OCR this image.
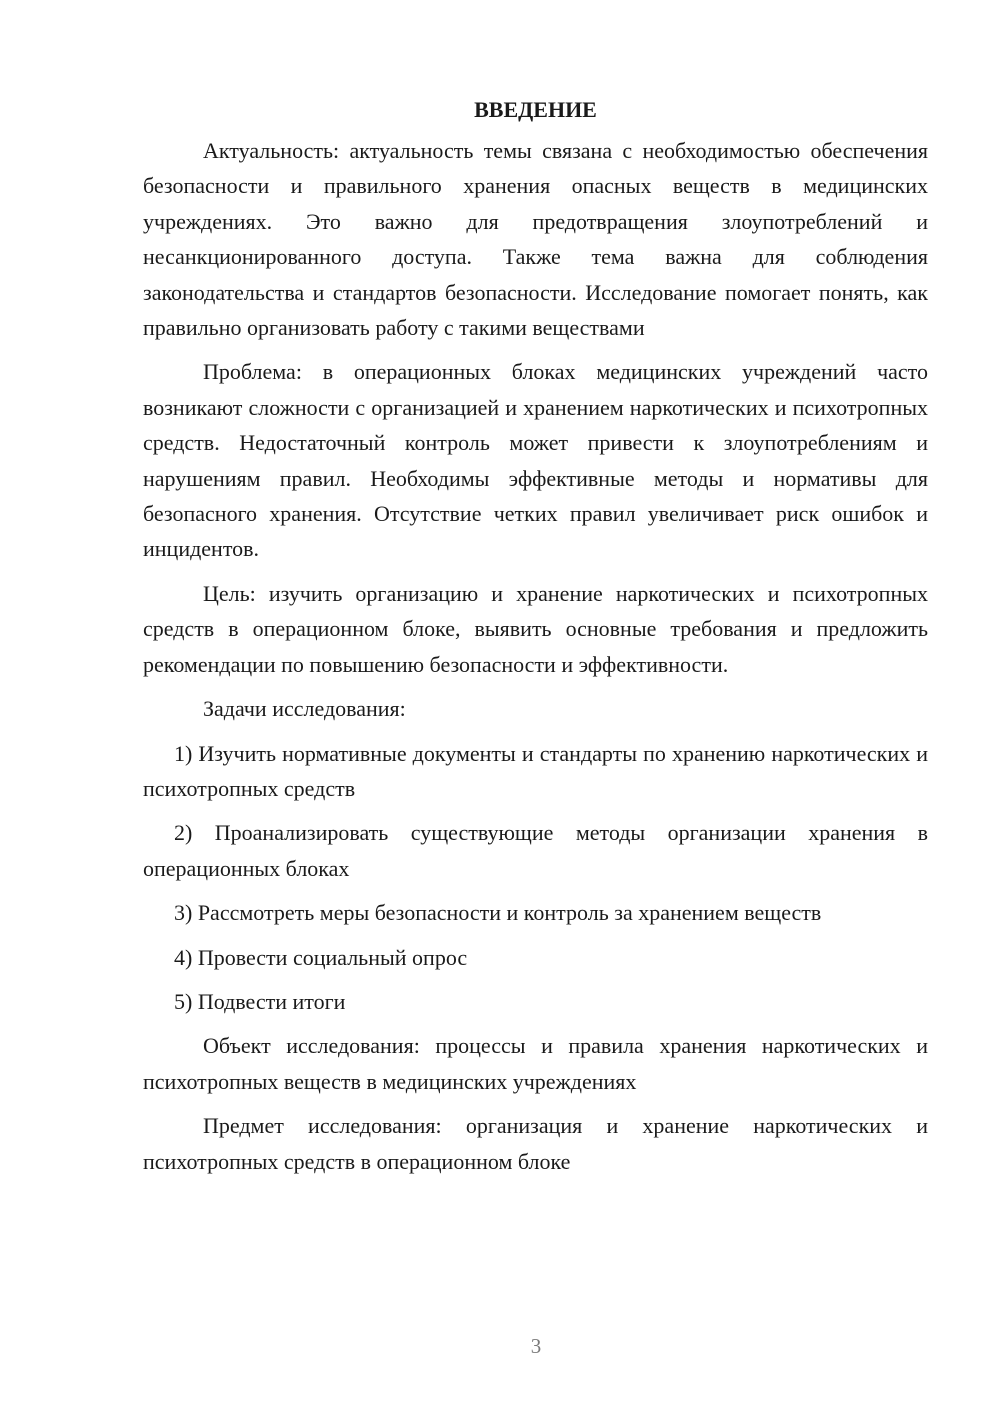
ВВЕДЕНИЕ

Актуальность: актуальность темы связана с необходимостью обеспечения безопасности и правильного хранения опасных веществ в медицинских учреждениях. Это важно для предотвращения злоупотреблений и несанкционированного доступа. Также тема важна для соблюдения законодательства и стандартов безопасности. Исследование помогает понять, как правильно организовать работу с такими веществами

Проблема: в операционных блоках медицинских учреждений часто возникают сложности с организацией и хранением наркотических и психотропных средств. Недостаточный контроль может привести к злоупотреблениям и нарушениям правил. Необходимы эффективные методы и нормативы для безопасного хранения. Отсутствие четких правил увеличивает риск ошибок и инцидентов.

Цель: изучить организацию и хранение наркотических и психотропных средств в операционном блоке, выявить основные требования и предложить рекомендации по повышению безопасности и эффективности.

Задачи исследования:

1) Изучить нормативные документы и стандарты по хранению наркотических и психотропных средств

2) Проанализировать существующие методы организации хранения в операционных блоках

3) Рассмотреть меры безопасности и контроль за хранением веществ

4) Провести социальный опрос

5) Подвести итоги

Объект исследования: процессы и правила хранения наркотических и психотропных веществ в медицинских учреждениях

Предмет исследования: организация и хранение наркотических и психотропных средств в операционном блоке

3
